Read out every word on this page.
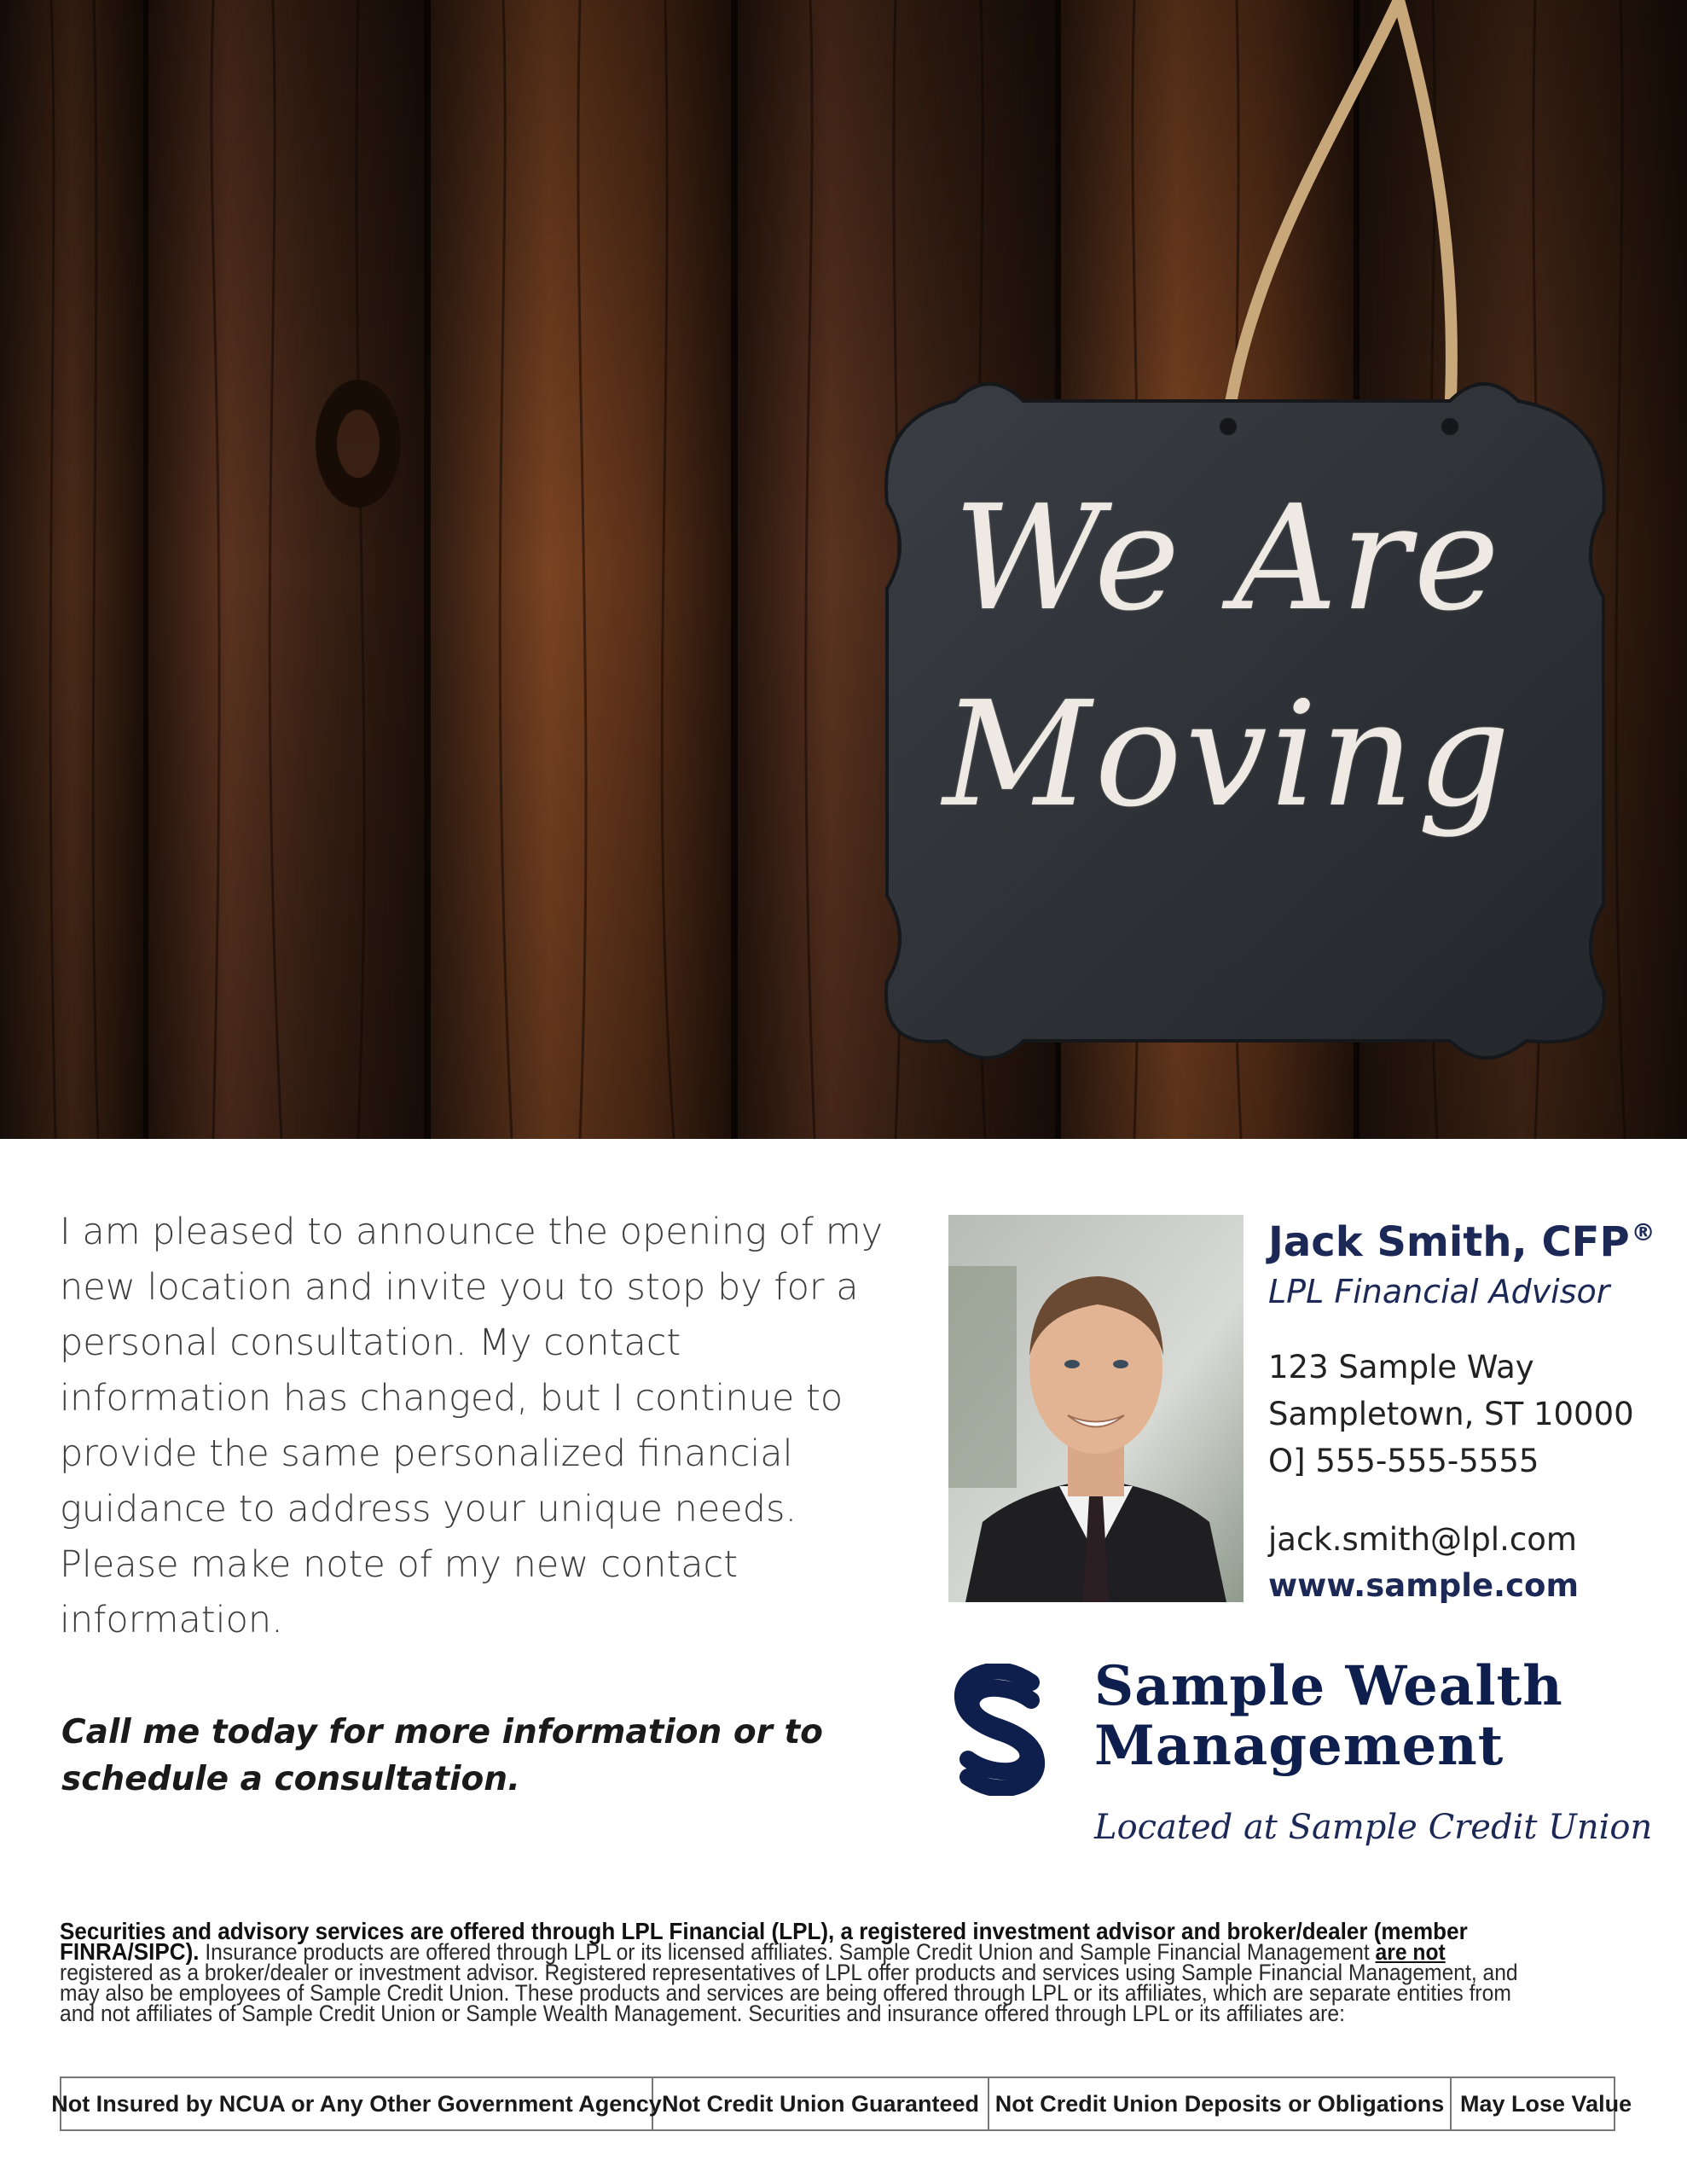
We Are
Moving
I am pleased to announce the opening of my new location and invite you to stop by for a personal consultation. My contact information has changed, but I continue to provide the same personalized financial guidance to address your unique needs. Please make note of my new contact information.
Call me today for more information or to schedule a consultation.
Jack Smith, CFP®
LPL Financial Advisor
123 Sample Way
Sampletown, ST 10000
O] 555-555-5555
jack.smith@lpl.com
www.sample.com
Sample Wealth
Management
Located at Sample Credit Union
Securities and advisory services are offered through LPL Financial (LPL), a registered investment advisor and broker/dealer (member FINRA/SIPC). Insurance products are offered through LPL or its licensed affiliates. Sample Credit Union and Sample Financial Management are not registered as a broker/dealer or investment advisor. Registered representatives of LPL offer products and services using Sample Financial Management, and may also be employees of Sample Credit Union. These products and services are being offered through LPL or its affiliates, which are separate entities from and not affiliates of Sample Credit Union or Sample Wealth Management. Securities and insurance offered through LPL or its affiliates are:
Not Insured by NCUA or Any Other Government Agency Not Credit Union Guaranteed Not Credit Union Deposits or Obligations May Lose Value
